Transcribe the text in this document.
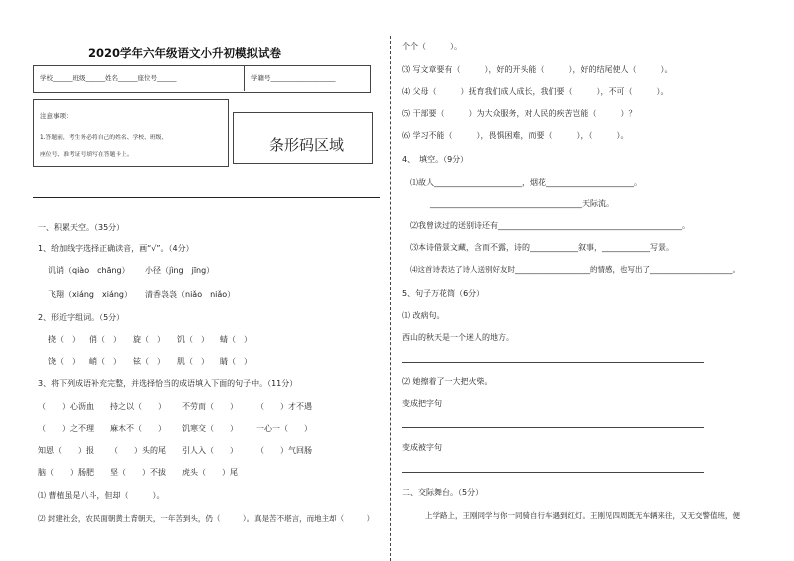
2020学年六年级语文小升初模拟试卷
学校______班级______姓名______座位号______	学籍号____________________
注意事项：
1.答题前，考生务必将自己的姓名、学校、班级、
座位号、准考证号填写在答题卡上。
条形码区域
一、积累天空。（35分）
1、给加线字选择正确读音，画“√”。（4分）
讥诮（qiào　chāng） 小径（jìng　jīng）
飞翔（xiáng　xiáng） 清香袅袅（niǎo　niǎo）
2、形近字组词。（5分）
挠（　） 俏（　） 旋（　） 饥（　） 蜻（　）
饶（　） 峭（　） 铉（　） 肌（　） 睛（　）
3、将下列成语补充完整，并选择恰当的成语填入下面的句子中。（11分）
（　　）心沥血 持之以（　　） 不劳而（　　） （　　）才不遇
（　　）之不理 麻木不（　　） 饥寒交（　　） 一心一（　　）
知恩（　　）报 （　　）头的尾 引人入（　　） （　　）气回肠
脑（　　）肠肥 坚（　　）不拔 虎头（　　）尾
⑴ 曹植虽是八斗，但却（　　　）。
⑵ 封建社会，农民面朝黄土背朝天，一年苦到头，仍（　　　）。真是苦不堪言，而地主却（　　　）
个个（　　　）。
⑶ 写文章要有（　　　），好的开头能（　　　），好的结尾使人（　　　）。
⑷ 父母（　　　）抚育我们成人成长，我们要（　　　），不可（　　　）。
⑸ 干部要（　　　）为大众服务，对人民的疾苦岂能（　　　）？
⑹ 学习不能（　　　），畏惧困难，而要（　　　），（　　　）。
4、　填空。（9分）
⑴故人______________________，烟花______________________。
______________________________________天际流。
⑵我曾读过的送别诗还有______________________________________________。
⑶本诗借景文藏，含而不露，诗的____________叙事，____________写景。
⑷这首诗表达了诗人送别好友时____________________的情感，也写出了______________________。
5、句子万花筒（6分）
⑴ 改病句。
西山的秋天是一个迷人的地方。
⑵ 她擦着了一大把火柴。
变成把字句
变成被字句
二、交际舞台。（5分）
上学路上，王刚同学与你一同骑自行车遇到红灯。王刚见四周既无车辆来往，又无交警值班，便
